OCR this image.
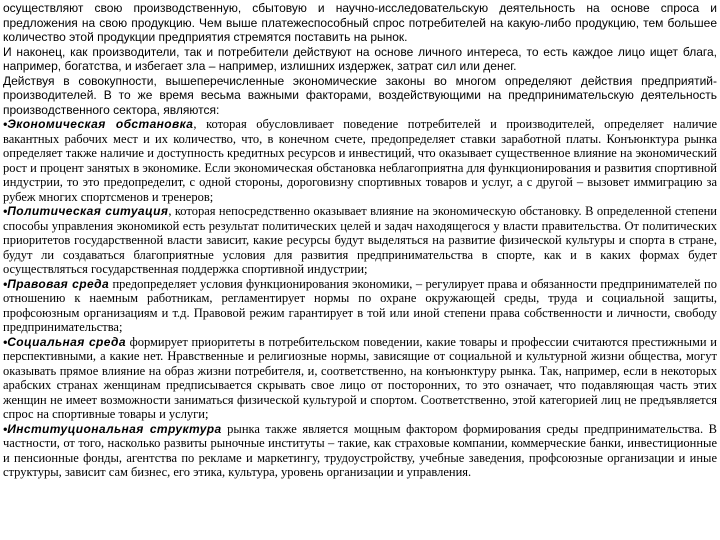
осуществляют свою производственную, сбытовую и научно-исследовательскую деятельность на основе спроса и предложения на свою продукцию. Чем выше платежеспособный спрос потребителей на какую-либо продукцию, тем большее количество этой продукции предприятия стремятся поставить на рынок.

И наконец, как производители, так и потребители действуют на основе личного интереса, то есть каждое лицо ищет блага, например, богатства, и избегает зла – например, излишних издержек, затрат сил или денег.

Действуя в совокупности, вышеперечисленные экономические законы во многом определяют действия предприятий-производителей. В то же время весьма важными факторами, воздействующими на предпринимательскую деятельность производственного сектора, являются:

•Экономическая обстановка, которая обусловливает поведение потребителей и производителей, определяет наличие вакантных рабочих мест и их количество, что, в конечном счете, предопределяет ставки заработной платы. Конъюнктура рынка определяет также наличие и доступность кредитных ресурсов и инвестиций, что оказывает существенное влияние на экономический рост и процент занятых в экономике. Если экономическая обстановка неблагоприятна для функционирования и развития спортивной индустрии, то это предопределит, с одной стороны, дороговизну спортивных товаров и услуг, а с другой – вызовет иммиграцию за рубеж многих спортсменов и тренеров;

•Политическая ситуация, которая непосредственно оказывает влияние на экономическую обстановку. В определенной степени способы управления экономикой есть результат политических целей и задач находящегося у власти правительства. От политических приоритетов государственной власти зависит, какие ресурсы будут выделяться на развитие физической культуры и спорта в стране, будут ли создаваться благоприятные условия для развития предпринимательства в спорте, как и в каких формах будет осуществляться государственная поддержка спортивной индустрии;

•Правовая среда предопределяет условия функционирования экономики, – регулирует права и обязанности предпринимателей по отношению к наемным работникам, регламентирует нормы по охране окружающей среды, труда и социальной защиты, профсоюзным организациям и т.д. Правовой режим гарантирует в той или иной степени права собственности и личности, свободу предпринимательства;

•Социальная среда формирует приоритеты в потребительском поведении, какие товары и профессии считаются престижными и перспективными, а какие нет. Нравственные и религиозные нормы, зависящие от социальной и культурной жизни общества, могут оказывать прямое влияние на образ жизни потребителя, и, соответственно, на конъюнктуру рынка. Так, например, если в некоторых арабских странах женщинам предписывается скрывать свое лицо от посторонних, то это означает, что подавляющая часть этих женщин не имеет возможности заниматься физической культурой и спортом. Соответственно, этой категорией лиц не предъявляется спрос на спортивные товары и услуги;

•Институциональная структура рынка также является мощным фактором формирования среды предпринимательства. В частности, от того, насколько развиты рыночные институты – такие, как страховые компании, коммерческие банки, инвестиционные и пенсионные фонды, агентства по рекламе и маркетингу, трудоустройству, учебные заведения, профсоюзные организации и иные структуры, зависит сам бизнес, его этика, культура, уровень организации и управления.
